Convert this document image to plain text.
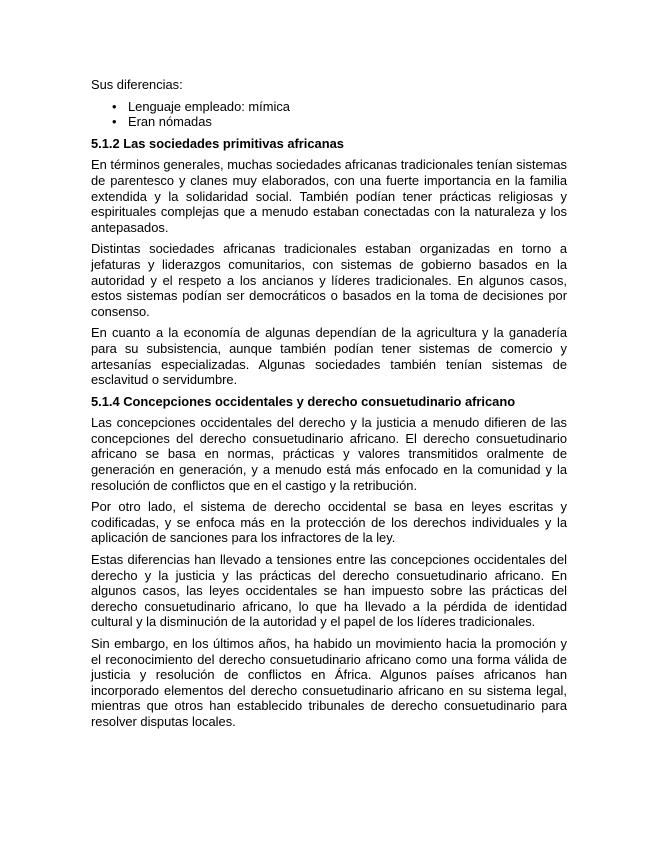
Sus diferencias:

• Lenguaje empleado: mímica
• Eran nómadas
5.1.2 Las sociedades primitivas africanas

En términos generales, muchas sociedades africanas tradicionales tenían sistemas de parentesco y clanes muy elaborados, con una fuerte importancia en la familia extendida y la solidaridad social. También podían tener prácticas religiosas y espirituales complejas que a menudo estaban conectadas con la naturaleza y los antepasados.

Distintas sociedades africanas tradicionales estaban organizadas en torno a jefaturas y liderazgos comunitarios, con sistemas de gobierno basados en la autoridad y el respeto a los ancianos y líderes tradicionales. En algunos casos, estos sistemas podían ser democráticos o basados en la toma de decisiones por consenso.

En cuanto a la economía de algunas dependían de la agricultura y la ganadería para su subsistencia, aunque también podían tener sistemas de comercio y artesanías especializadas. Algunas sociedades también tenían sistemas de esclavitud o servidumbre.

5.1.4 Concepciones occidentales y derecho consuetudinario africano

Las concepciones occidentales del derecho y la justicia a menudo difieren de las concepciones del derecho consuetudinario africano. El derecho consuetudinario africano se basa en normas, prácticas y valores transmitidos oralmente de generación en generación, y a menudo está más enfocado en la comunidad y la resolución de conflictos que en el castigo y la retribución.

Por otro lado, el sistema de derecho occidental se basa en leyes escritas y codificadas, y se enfoca más en la protección de los derechos individuales y la aplicación de sanciones para los infractores de la ley.

Estas diferencias han llevado a tensiones entre las concepciones occidentales del derecho y la justicia y las prácticas del derecho consuetudinario africano. En algunos casos, las leyes occidentales se han impuesto sobre las prácticas del derecho consuetudinario africano, lo que ha llevado a la pérdida de identidad cultural y la disminución de la autoridad y el papel de los líderes tradicionales.

Sin embargo, en los últimos años, ha habido un movimiento hacia la promoción y el reconocimiento del derecho consuetudinario africano como una forma válida de justicia y resolución de conflictos en África. Algunos países africanos han incorporado elementos del derecho consuetudinario africano en su sistema legal, mientras que otros han establecido tribunales de derecho consuetudinario para resolver disputas locales.
